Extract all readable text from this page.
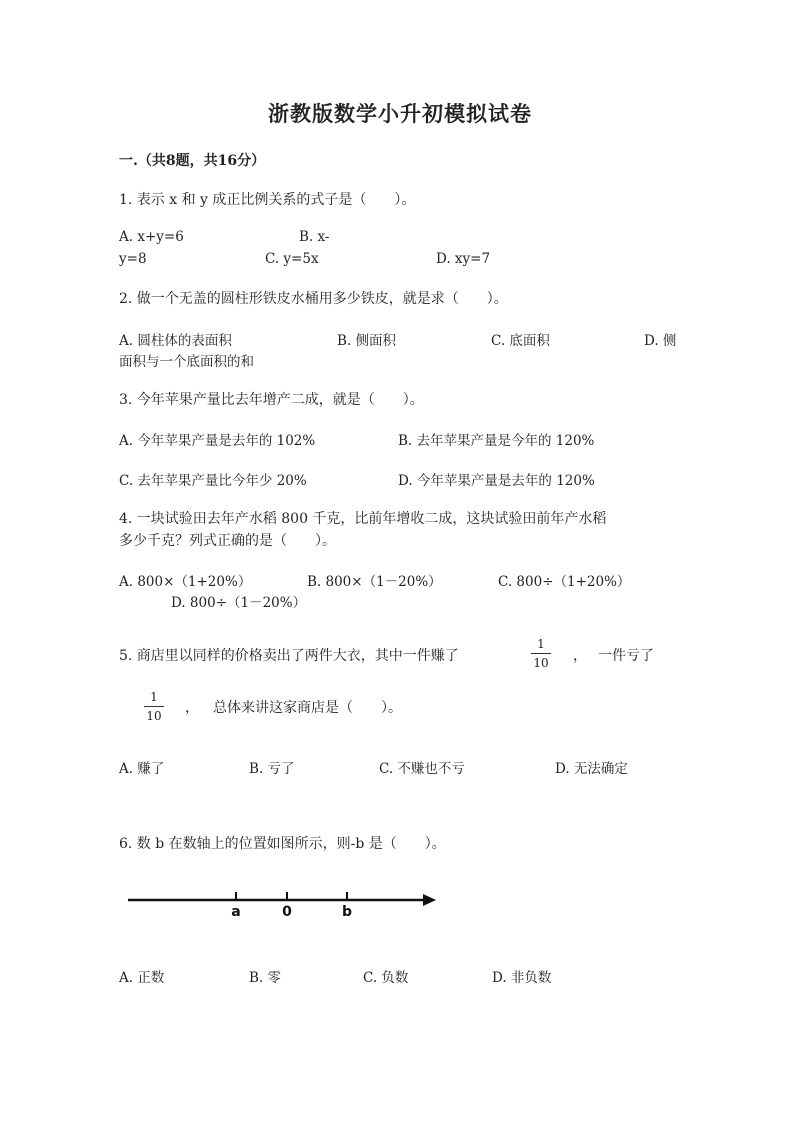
浙教版数学小升初模拟试卷
一.（共8题，共16分）
1. 表示 x 和 y 成正比例关系的式子是（　　）。
A. x+y=6	B. x-
y=8	C. y=5x	D. xy=7
2. 做一个无盖的圆柱形铁皮水桶用多少铁皮，就是求（　　）。
A. 圆柱体的表面积	B. 侧面积	C. 底面积	D. 侧
面积与一个底面积的和
3. 今年苹果产量比去年增产二成，就是（　　）。
A. 今年苹果产量是去年的 102%	B. 去年苹果产量是今年的 120%
C. 去年苹果产量比今年少 20%	D. 今年苹果产量是去年的 120%
4. 一块试验田去年产水稻 800 千克，比前年增收二成，这块试验田前年产水稻
多少千克？列式正确的是（　　）。
A. 800×（1+20%）	B. 800×（1－20%）	C. 800÷（1+20%）
D. 800÷（1－20%）
5. 商店里以同样的价格卖出了两件大衣，其中一件赚了
1
10 ， 一件亏了
1
10 ， 总体来讲这家商店是（　　）。
A. 赚了	B. 亏了	C. 不赚也不亏	D. 无法确定
6. 数 b 在数轴上的位置如图所示，则-b 是（　　）。
a	0	b
A. 正数	B. 零	C. 负数	D. 非负数
